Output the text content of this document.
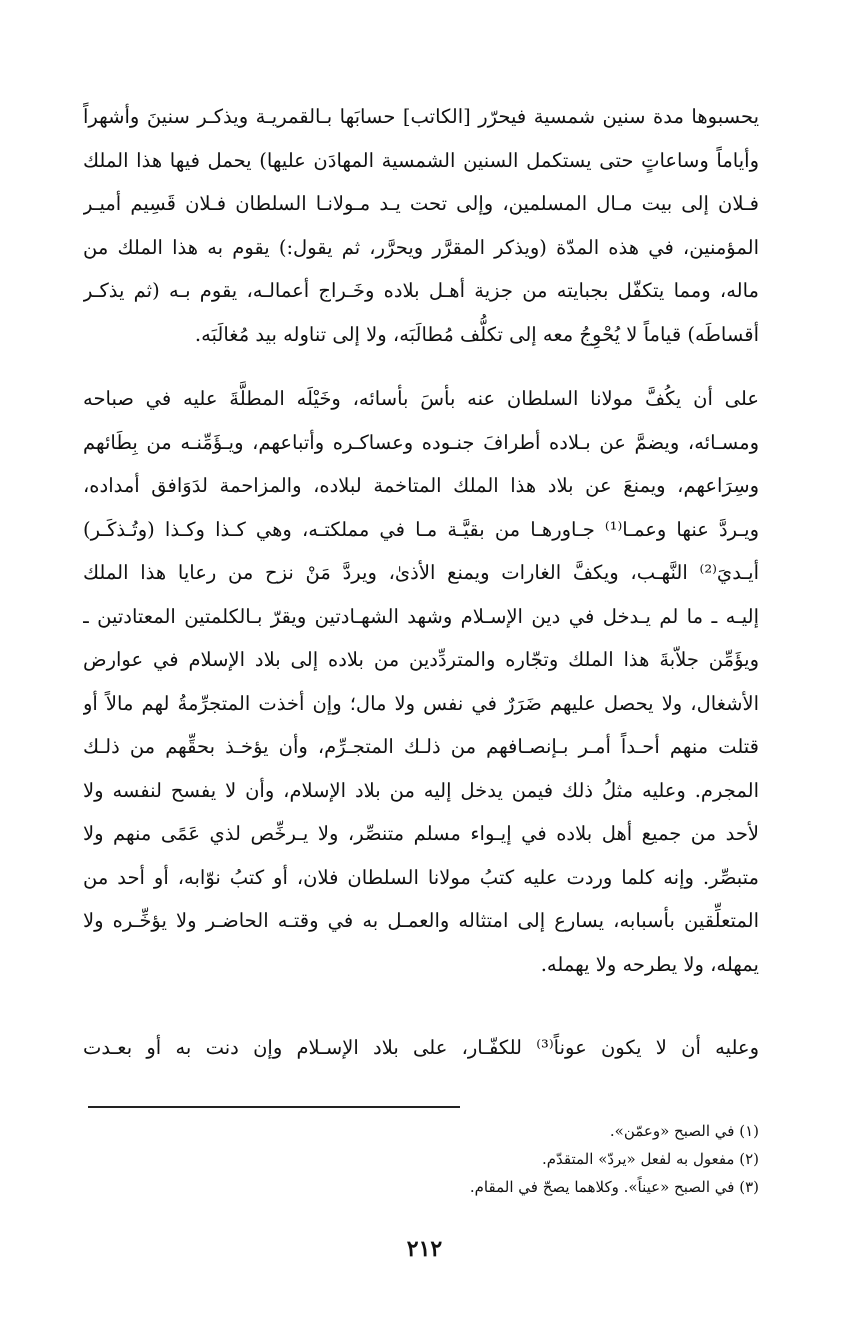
يحسبوها مدة سنين شمسية فيحرّر [الكاتب] حسابَها بـالقمريـة ويذكـر سنينَ وأشهراً
وأياماً وساعاتٍ حتى يستكمل السنين الشمسية المهادَن عليها) يحمل فيها هذا الملك
فـلان إلى بيت مـال المسلمين، وإلى تحت يـد مـولانـا السلطان فـلان قَسِيم أميـر
المؤمنين، في هذه المدّة (ويذكر المقرَّر ويحرَّر، ثم يقول:) يقوم به هذا الملك من
ماله، ومما يتكفّل بجبايته من جزية أهـل بلاده وخَـراج أعمالـه، يقوم بـه (ثم يذكـر
أقساطَه) قياماً لا يُحْوِجُ معه إلى تكلُّف مُطالَبَه، ولا إلى تناوله بيد مُغالَبَه.
على أن يكُفَّ مولانا السلطان عنه بأسَ بأسائه، وخَيْلَه المطلَّةَ عليه في صباحه
ومسـائه، ويضمَّ عن بـلاده أطرافَ جنـوده وعساكـره وأتباعهم، ويـؤَمِّنـه من بِطَائهم
وسِرَاعهم، ويمنعَ عن بلاد هذا الملك المتاخمة لبلاده، والمزاحمة لدَوَافق أمداده،
ويـردَّ عنها وعمـا⁽¹⁾ جـاورهـا من بقيَّـة مـا في مملكتـه، وهي كـذا وكـذا (وتُـذكَـر)
أيـديَ⁽²⁾ النَّهـب، ويكفَّ الغارات ويمنع الأذىٰ، ويردَّ مَنْ نزح من رعايا هذا الملك
إليـه ـ ما لم يـدخل في دين الإسـلام وشهد الشهـادتين ويقرّ بـالكلمتين المعتادتين ـ
ويؤَمِّن جلاّبةَ هذا الملك وتجّاره والمتردِّدين من بلاده إلى بلاد الإسلام في عوارض
الأشغال، ولا يحصل عليهم ضَرَرٌ في نفس ولا مال؛ وإن أخذت المتجرِّمةُ لهم مالاً أو
قتلت منهم أحـداً أمـر بـإنصـافهم من ذلـك المتجـرِّم، وأن يؤخـذ بحقِّهم من ذلـك
المجرم. وعليه مثلُ ذلك فيمن يدخل إليه من بلاد الإسلام، وأن لا يفسح لنفسه ولا
لأحد من جميع أهل بلاده في إيـواء مسلم متنصِّر، ولا يـرخِّص لذي عَمًى منهم ولا
متبصِّر. وإنه كلما وردت عليه كتبُ مولانا السلطان فلان، أو كتبُ نوّابه، أو أحد من
المتعلِّقين بأسبابه، يسارع إلى امتثاله والعمـل به في وقتـه الحاضـر ولا يؤخِّـره ولا
يمهله، ولا يطرحه ولا يهمله.
وعليه أن لا يكون عوناً⁽³⁾ للكفّـار، على بلاد الإسـلام وإن دنت به أو بعـدت
(١) في الصبح «وعمّن».
(٢) مفعول به لفعل «يردّ» المتقدّم.
(٣) في الصبح «عيناً». وكلاهما يصحّ في المقام.
٢١٢
